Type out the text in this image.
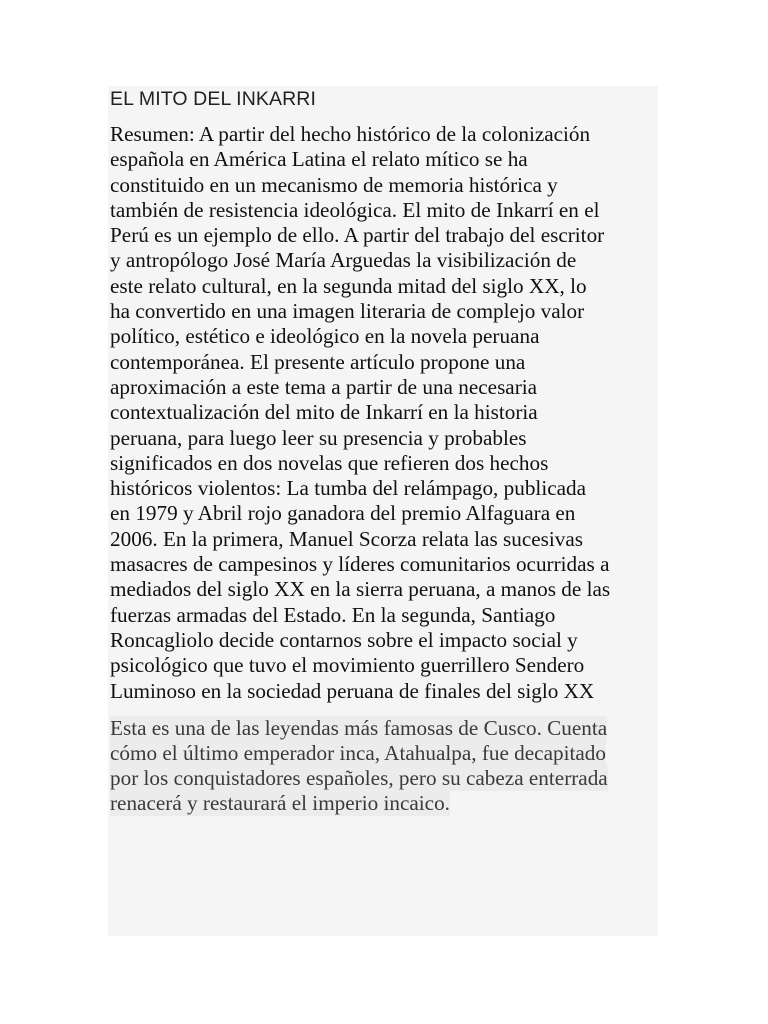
EL MITO DEL INKARRI
Resumen: A partir del hecho histórico de la colonización
española en América Latina el relato mítico se ha
constituido en un mecanismo de memoria histórica y
también de resistencia ideológica. El mito de Inkarrí en el
Perú es un ejemplo de ello. A partir del trabajo del escritor
y antropólogo José María Arguedas la visibilización de
este relato cultural, en la segunda mitad del siglo XX, lo
ha convertido en una imagen literaria de complejo valor
político, estético e ideológico en la novela peruana
contemporánea. El presente artículo propone una
aproximación a este tema a partir de una necesaria
contextualización del mito de Inkarrí en la historia
peruana, para luego leer su presencia y probables
significados en dos novelas que refieren dos hechos
históricos violentos: La tumba del relámpago, publicada
en 1979 y Abril rojo ganadora del premio Alfaguara en
2006. En la primera, Manuel Scorza relata las sucesivas
masacres de campesinos y líderes comunitarios ocurridas a
mediados del siglo XX en la sierra peruana, a manos de las
fuerzas armadas del Estado. En la segunda, Santiago
Roncagliolo decide contarnos sobre el impacto social y
psicológico que tuvo el movimiento guerrillero Sendero
Luminoso en la sociedad peruana de finales del siglo XX
Esta es una de las leyendas más famosas de Cusco. Cuenta
cómo el último emperador inca, Atahualpa, fue decapitado
por los conquistadores españoles, pero su cabeza enterrada
renacerá y restaurará el imperio incaico.
